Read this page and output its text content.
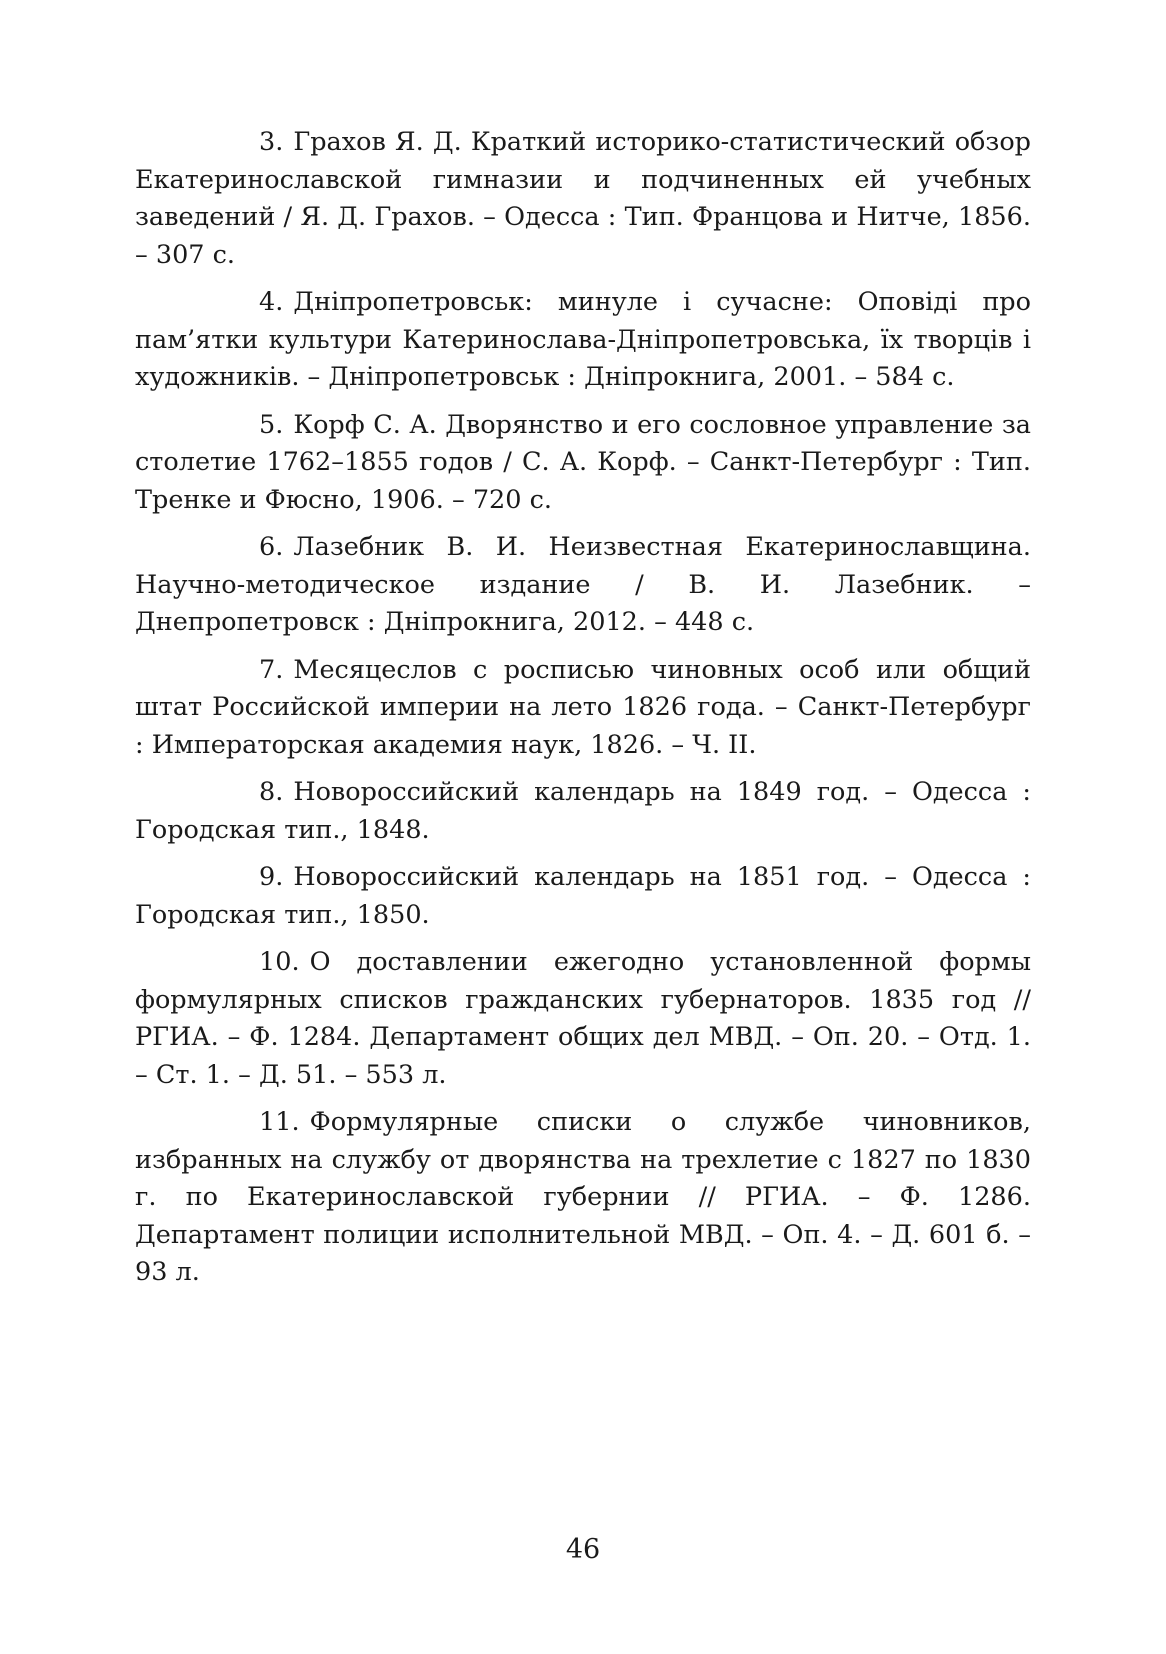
3. Грахов Я. Д. Краткий историко-статистический обзор Екатеринославской гимназии и подчиненных ей учебных заведений / Я. Д. Грахов. – Одесса : Тип. Францова и Нитче, 1856. – 307 с.

4. Дніпропетровськ: минуле і сучасне: Оповіді про пам’ятки культури Катеринослава-Дніпропетровська, їх творців і художників. – Дніпропетровськ : Дніпрокнига, 2001. – 584 с.

5. Корф С. А. Дворянство и его сословное управление за столетие 1762–1855 годов / С. А. Корф. – Санкт-Петербург : Тип. Тренке и Фюсно, 1906. – 720 с.

6. Лазебник В. И. Неизвестная Екатеринославщина. Научно-методическое издание / В. И. Лазебник. – Днепропетровск : Дніпрокнига, 2012. – 448 с.

7. Месяцеслов с росписью чиновных особ или общий штат Российской империи на лето 1826 года. – Санкт-Петербург : Императорская академия наук, 1826. – Ч. II.

8. Новороссийский календарь на 1849 год. – Одесса : Городская тип., 1848.

9. Новороссийский календарь на 1851 год. – Одесса : Городская тип., 1850.

10. О доставлении ежегодно установленной формы формулярных списков гражданских губернаторов. 1835 год // РГИА. – Ф. 1284. Департамент общих дел МВД. – Оп. 20. – Отд. 1. – Ст. 1. – Д. 51. – 553 л.

11. Формулярные списки о службе чиновников, избранных на службу от дворянства на трехлетие с 1827 по 1830 г. по Екатеринославской губернии // РГИА. – Ф. 1286. Департамент полиции исполнительной МВД. – Оп. 4. – Д. 601 б. – 93 л.

46
